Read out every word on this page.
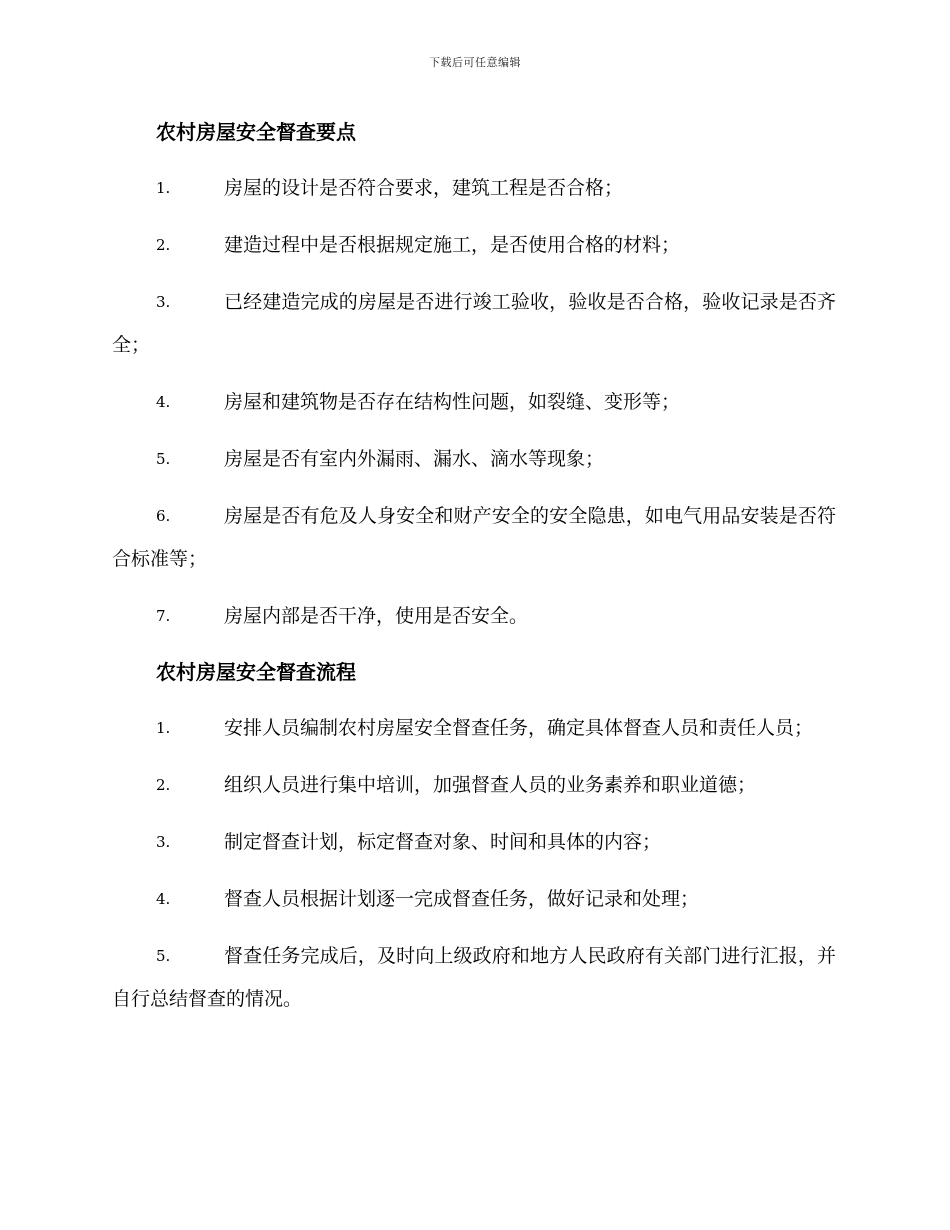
下载后可任意编辑
农村房屋安全督查要点
1.	房屋的设计是否符合要求，建筑工程是否合格；
2.	建造过程中是否根据规定施工，是否使用合格的材料；
3.	已经建造完成的房屋是否进行竣工验收，验收是否合格，验收记录是否齐全；
4.	房屋和建筑物是否存在结构性问题，如裂缝、变形等；
5.	房屋是否有室内外漏雨、漏水、滴水等现象；
6.	房屋是否有危及人身安全和财产安全的安全隐患，如电气用品安装是否符合标准等；
7.	房屋内部是否干净，使用是否安全。
农村房屋安全督查流程
1.	安排人员编制农村房屋安全督查任务，确定具体督查人员和责任人员；
2.	组织人员进行集中培训，加强督查人员的业务素养和职业道德；
3.	制定督查计划，标定督查对象、时间和具体的内容；
4.	督查人员根据计划逐一完成督查任务，做好记录和处理；
5.	督查任务完成后，及时向上级政府和地方人民政府有关部门进行汇报，并自行总结督查的情况。
